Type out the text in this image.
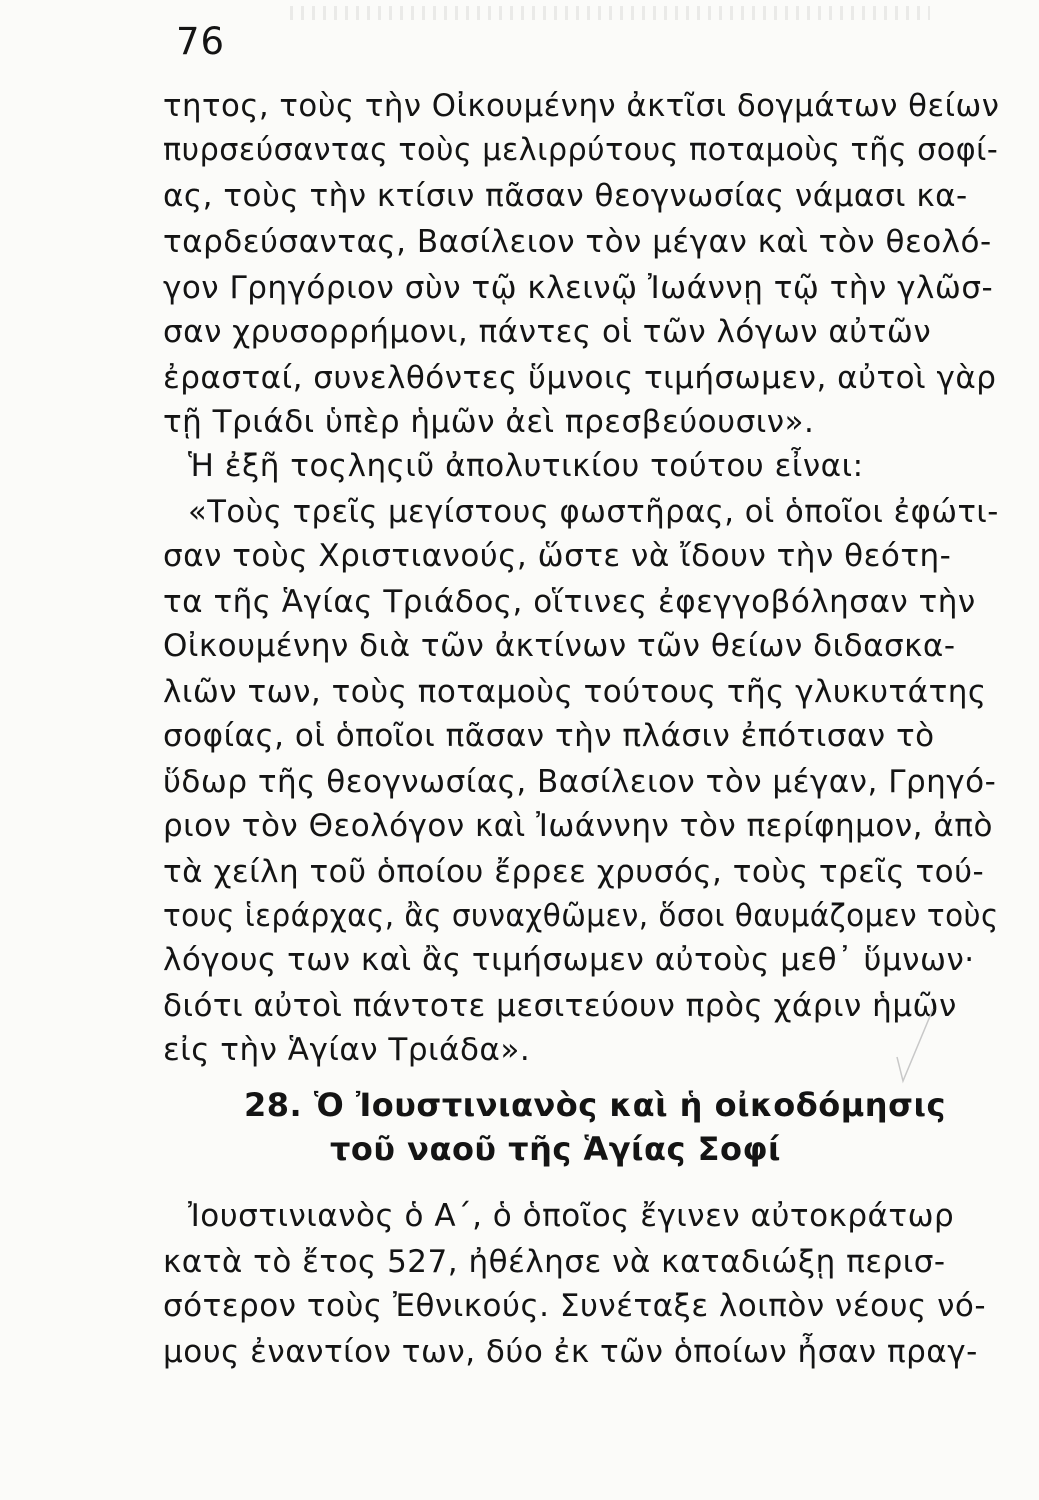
76
τητος, τοὺς τὴν Οἰκουμένην ἀκτῖσι δογμάτων θείων
πυρσεύσαντας τοὺς μελιρρύτους ποταμοὺς τῆς σοφί-
ας, τοὺς τὴν κτίσιν πᾶσαν θεογνωσίας νάμασι κα-
ταρδεύσαντας, Βασίλειον τὸν μέγαν καὶ τὸν θεολό-
γον Γρηγόριον σὺν τῷ κλεινῷ Ἰωάννῃ τῷ τὴν γλῶσ-
σαν χρυσορρήμονι, πάντες οἱ τῶν λόγων αὐτῶν
ἐρασταί, συνελθόντες ὕμνοις τιμήσωμεν, αὐτοὶ γὰρ
τῇ Τριάδι ὑπὲρ ἡμῶν ἀεὶ πρεσβεύουσιν».
Ἡ ἐξῆ τοςληςιῦ ἀπολυτικίου τούτου εἶναι:
«Τοὺς τρεῖς μεγίστους φωστῆρας, οἱ ὁποῖοι ἐφώτι-
σαν τοὺς Χριστιανούς, ὥστε νὰ ἴδουν τὴν θεότη-
τα τῆς Ἁγίας Τριάδος, οἵτινες ἐφεγγοβόλησαν τὴν
Οἰκουμένην διὰ τῶν ἀκτίνων τῶν θείων διδασκα-
λιῶν των, τοὺς ποταμοὺς τούτους τῆς γλυκυτάτης
σοφίας, οἱ ὁποῖοι πᾶσαν τὴν πλάσιν ἐπότισαν τὸ
ὕδωρ τῆς θεογνωσίας, Βασίλειον τὸν μέγαν, Γρηγό-
ριον τὸν Θεολόγον καὶ Ἰωάννην τὸν περίφημον, ἀπὸ
τὰ χείλη τοῦ ὁποίου ἔρρεε χρυσός, τοὺς τρεῖς τού-
τους ἱεράρχας, ἂς συναχθῶμεν, ὅσοι θαυμάζομεν τοὺς
λόγους των καὶ ἂς τιμήσωμεν αὐτοὺς μεθ᾿ ὕμνων·
διότι αὐτοὶ πάντοτε μεσιτεύουν πρὸς χάριν ἡμῶν
εἰς τὴν Ἁγίαν Τριάδα».
28. Ὁ Ἰουστινιανὸς καὶ ἡ οἰκοδόμησις
τοῦ ναοῦ τῆς Ἁγίας Σοφί
Ἰουστινιανὸς ὁ Α΄, ὁ ὁποῖος ἔγινεν αὐτοκράτωρ
κατὰ τὸ ἔτος 527, ἠθέλησε νὰ καταδιώξῃ περισ-
σότερον τοὺς Ἐθνικούς. Συνέταξε λοιπὸν νέους νό-
μους ἐναντίον των, δύο ἐκ τῶν ὁποίων ἦσαν πραγ-
